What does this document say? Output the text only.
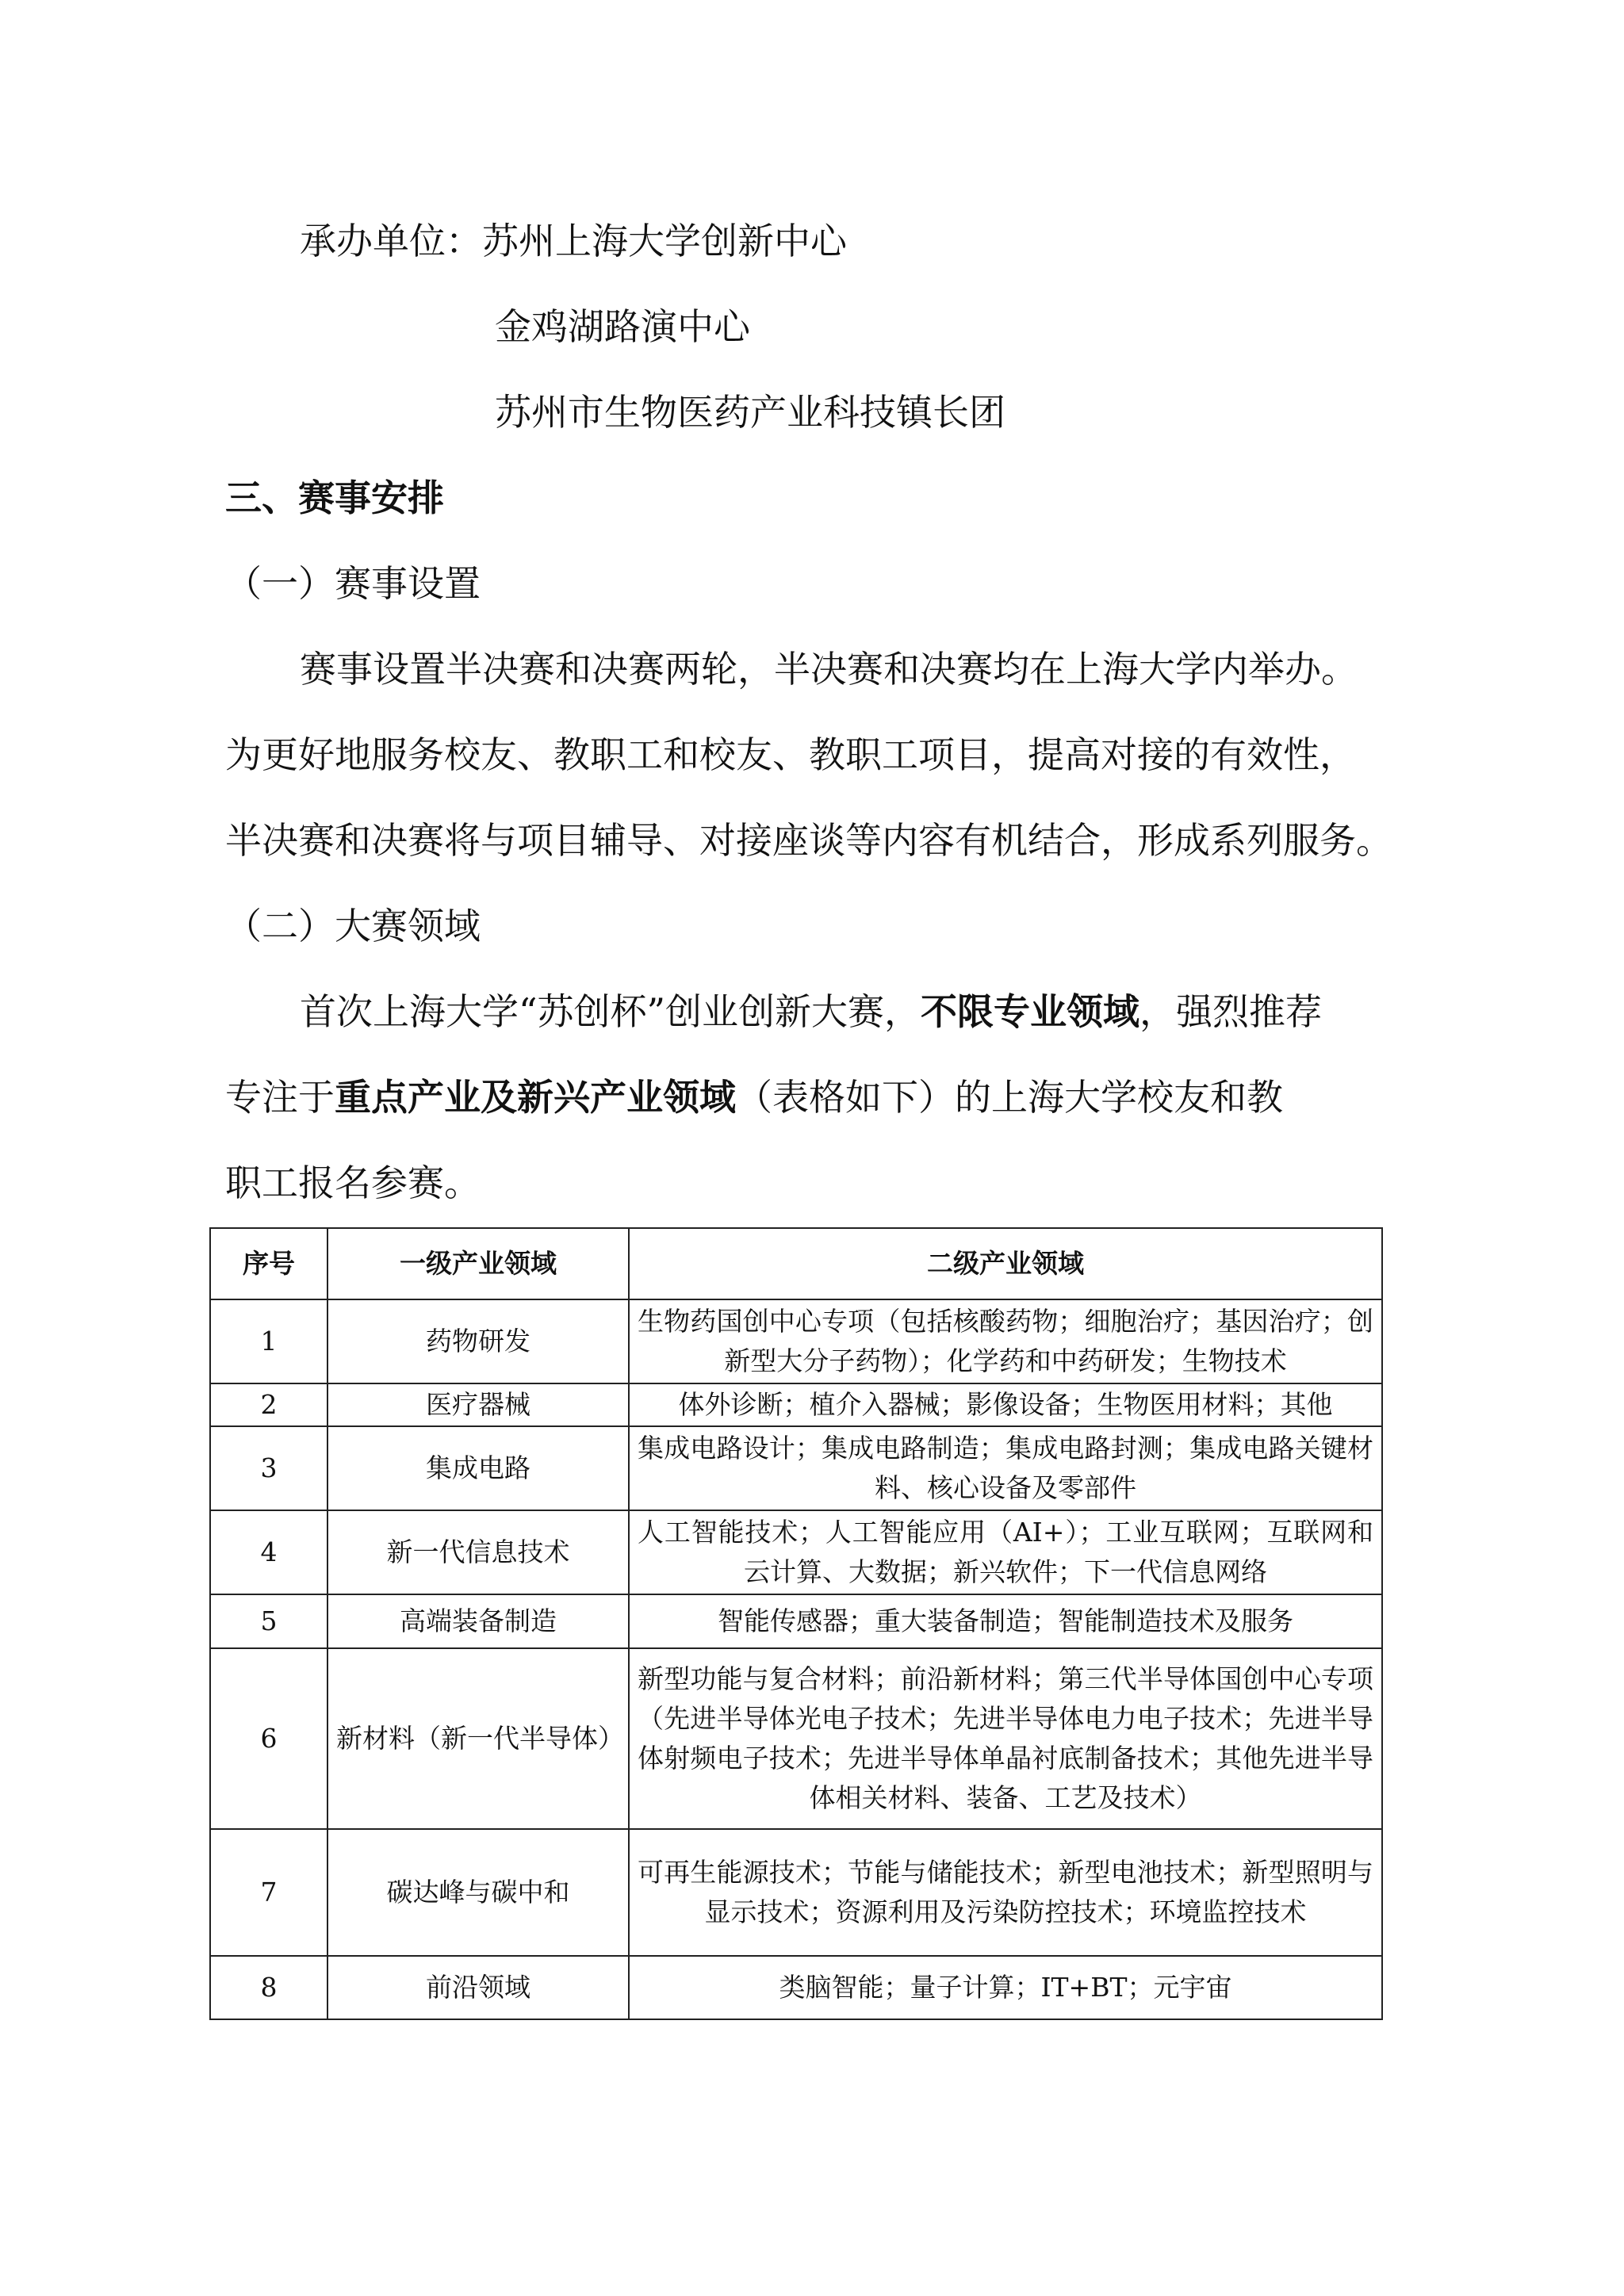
承办单位：苏州上海大学创新中心
金鸡湖路演中心
苏州市生物医药产业科技镇长团
三、赛事安排
（一）赛事设置
赛事设置半决赛和决赛两轮，半决赛和决赛均在上海大学内举办。
为更好地服务校友、教职工和校友、教职工项目，提高对接的有效性，
半决赛和决赛将与项目辅导、对接座谈等内容有机结合，形成系列服务。
（二）大赛领域
首次上海大学“苏创杯”创业创新大赛，不限专业领域，强烈推荐
专注于重点产业及新兴产业领域（表格如下）的上海大学校友和教
职工报名参赛。
序号	一级产业领域	二级产业领域
1	药物研发	生物药国创中心专项（包括核酸药物；细胞治疗；基因治疗；创新型大分子药物）；化学药和中药研发；生物技术
2	医疗器械	体外诊断；植介入器械；影像设备；生物医用材料；其他
3	集成电路	集成电路设计；集成电路制造；集成电路封测；集成电路关键材料、核心设备及零部件
4	新一代信息技术	人工智能技术；人工智能应用（AI+）；工业互联网；互联网和云计算、大数据；新兴软件；下一代信息网络
5	高端装备制造	智能传感器；重大装备制造；智能制造技术及服务
6	新材料（新一代半导体）	新型功能与复合材料；前沿新材料；第三代半导体国创中心专项（先进半导体光电子技术；先进半导体电力电子技术；先进半导体射频电子技术；先进半导体单晶衬底制备技术；其他先进半导体相关材料、装备、工艺及技术）
7	碳达峰与碳中和	可再生能源技术；节能与储能技术；新型电池技术；新型照明与显示技术；资源利用及污染防控技术；环境监控技术
8	前沿领域	类脑智能；量子计算；IT+BT；元宇宙
